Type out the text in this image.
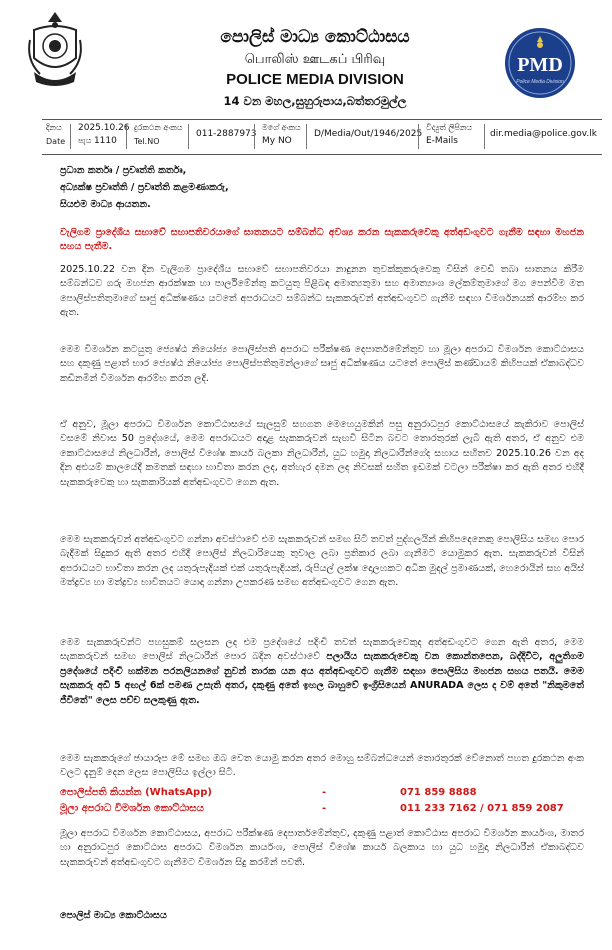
පොලිස් මාධ්‍ය කොට්ඨාසය
பொலிஸ் ஊடகப் பிரிவு
POLICE MEDIA DIVISION
14 වන මහල,සුහුරුපාය,බත්තරමුල්ල
PMD
Police Media Division
දිනය
Date
2025.10.26
පැය 1110
දුරකථන අංකය
Tel.NO
011-2887973
මගේ අංකය
My NO
D/Media/Out/1946/2025
විද්‍යුත් ලිපිනය
E-Mails
dir.media@police.gov.lk
ප්‍රධාන කර්තෘ / ප්‍රවෘත්ති කර්තෘ,
අධ්‍යක්ෂ ප්‍රවෘත්ති / ප්‍රවෘත්ති කළමණාකරු,
සියළුම මාධ්‍ය ආයතන.
වැලිගම ප්‍රාදේශීය සභාවේ සභාපතිවරයාගේ ඝාතනයට සම්බන්ධ අවශ්‍ය කරන සැකකරුවෙකු අත්අඩංගුවට ගැනීම සඳහා මහජන සහය පැතීම.
2025.10.22 වන දින වැලිගම ප්‍රාදේශීය සභාවේ සභාපතිවරයා නාදුනන තුවක්කුකරුවෙකු විසින් වෙඩි තබා ඝාතනය කිරීම සම්බන්ධව ගරු මහජන ආරක්ෂක හා පාර්ලිමේන්තු කටයුතු පිළිබඳ අමාත්‍යතුමා සහ අමාත්‍යාංශ ලේකම්තුමාගේ මග පෙන්වීම මත පොලිස්පතිතුමාගේ සෘජු අධීක්ෂණය යටතේ අපරාධයට සම්බන්ධ සැකකරුවන් අත්අඩංගුවට ගැනීම සඳහා විමර්ශනයක් ආරම්භ කර ඇත.
මෙම විමර්ශන කටයුතු ජ්‍යෙෂ්ඨ නියෝජ්‍ය පොලිස්පති අපරාධ පරීක්ෂණ දෙපාර්තමේන්තුව හා මූලා අපරාධ විමර්ශන කොට්ඨාසය සහ දකුණු පළාත් භාර ජ්‍යෙෂ්ඨ නියෝජ්‍ය පොලිස්පතිතුමන්ලාගේ සෘජු අධීක්ෂණය යටතේ පොලිස් කණ්ඩායම් කිහිපයක් ඒකාබද්ධව කඩිනමින් විමර්ශන ආරම්භ කරන ලදි.
ඒ අනුව, මූලා අපරාධ විමර්ශන කොට්ඨාසයේ සැලසුම් සහගත මෙහෙයුමකින් පසු අනුරාධපුර කොට්ඨාසයේ කැකිරාව පොලිස් වසමේ නිවාස 50 ප්‍රදේශයේ, මෙම අපරාධයට අදාළ සැකකරුවන් සැඟවී සිටින බවට තොරතුරක් ලැබී ඇති අතර, ඒ අනුව එම කොට්ඨාසයේ නිලධාරීන්, පොලිස් විශේෂ කාර්ය බලකා නිලධාරීන්, යුධ හමුදා නිලධාරීන්ගේද සහාය සහිතව 2025.10.26 වන අද දින අළුයම් කාලයේදී කමතක් සඳහා භාවිතා කරන ලද, අත්හැර දමන ලද නිවසක් සහිත ඉඩමක් වටලා පරීක්ෂා කර ඇති අතර එහිදී සැකකරුවෙකු හා සැකකාරියක් අත්අඩංගුවට ගෙන ඇත.
මෙම සැකකරුවන් අත්අඩංගුවට ගන්නා අවස්ථාවේ එම සැකකරුවන් සමඟ සිටි තවත් පුද්ගලයින් කිහිපදෙනෙකු පොලිසිය සමඟ පොර බැදීමක් සිදුකර ඇති අතර එහිදී පොලිස් නිලධාරියෙකු තුවාල ලබා ප්‍රතිකාර ලබා ගැනීමට යොමුකර ඇත. සැකකරුවන් විසින් අපරාධයට භාවිතා කරන ලද යතුරුපැදියක් එක් යතුරුපැදියක්, රුපියල් ලක්ෂ දොලහකට අධික මුදල් ප්‍රමාණයක්, හෙරොයින් සහ අයිස් මත්ද්‍රව්‍ය හා මත්ද්‍රව්‍ය භාවිතයට යොදා ගන්නා උපකරණ සමඟ අත්අඩංගුවට ගෙන ඇත.
මෙම සැකකරුවන්ට පහසුකම් සලසන ලද එම ප්‍රදේශයේ පදිංචි තවත් සැකකරුවෙකුද අත්අඩංගුවට ගෙන ඇති අතර, මෙම සැකකරුවන් සමඟ පොලිස් නිලධාරීන් පොර බදින අවස්ථාවේ පලායිය සැකකරුවෙකු වන කොන්තපෙන, බද්දිවිට, අලුතිගම ප්‍රදේශයේ පදිංචි හක්මන පරනලියනගේ නුවන් තාරක යන අය අත්අඩංගුවට ගැනීම සඳහා පොලිසිය මහජන සහය පතයි. මෙම සැකකරු අඩි 5 අඟල් 6ක් පමණ උසැති අතර, දකුණු අතේ ඉහල බාහුවේ ඉංග්‍රීසියෙන් ANURADA ලෙස ද වම් අතේ "නිකුමතේ ජීවිතේ" ලෙස පච්ච සලකුණු ඇත.
මෙම සැකකරුගේ ඡායාරූප මේ සමඟ ඔබ වෙත යොමු කරන අතර මොහු සම්බන්ධයෙන් තොරතුරක් වේනොත් පහත දුරකථන අංක වලට දැනුම් දෙන ලෙස පොලිසිය ඉල්ලා සිටී.
පොලිස්පති කියන්න (WhatsApp)	-	071 859 8888
මූලා අපරාධ විමර්ශන කොට්ඨාසය	-	011 233 7162 / 071 859 2087
මූලා අපරාධ විමර්ශන කොට්ඨාසය, අපරාධ පරීක්ෂණ දෙපාර්තමේන්තුව, දකුණු පළාත් කොට්ඨාස අපරාධ විමර්ශන කාර්යංශ, මාතර හා අනුරාධපුර කොට්ඨාස අපරාධ විමර්ශන කාර්යංශ, පොලිස් විශේෂ කාර්ය බලකාය හා යුධ හමුදා නිලධාරීන් ඒකාබද්ධව සැකකරුවන් අත්අඩංගුවට ගැනීමට විමර්ශන සිදු කරමින් පවතී.
පොලිස් මාධ්‍ය කොට්ඨාසය
